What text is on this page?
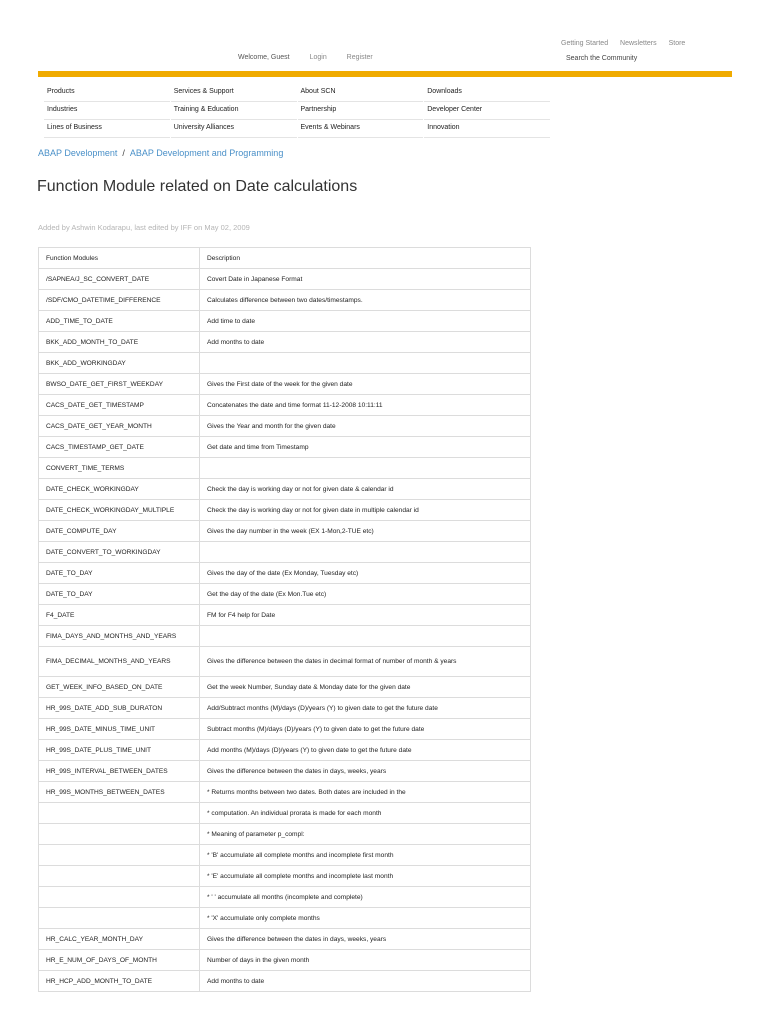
Getting Started Newsletters Store
Welcome, Guest	Login	Register	Search the Community
Products	Services & Support	About SCN	Downloads
Industries	Training & Education	Partnership	Developer Center
Lines of Business	University Alliances	Events & Webinars	Innovation
ABAP Development / ABAP Development and Programming
Function Module related on Date calculations
Added by Ashwin Kodarapu, last edited by IFF on May 02, 2009
Function Modules	Description
/SAPNEA/J_SC_CONVERT_DATE	Covert Date in Japanese Format
/SDF/CMO_DATETIME_DIFFERENCE	Calculates difference between two dates/timestamps.
ADD_TIME_TO_DATE	Add time to date
BKK_ADD_MONTH_TO_DATE	Add months to date
BKK_ADD_WORKINGDAY	
BWSO_DATE_GET_FIRST_WEEKDAY	Gives the First date of the week for the given date
CACS_DATE_GET_TIMESTAMP	Concatenates the date and time format 11-12-2008 10:11:11
CACS_DATE_GET_YEAR_MONTH	Gives the Year and month for the given date
CACS_TIMESTAMP_GET_DATE	Get date and time from Timestamp
CONVERT_TIME_TERMS	
DATE_CHECK_WORKINGDAY	Check the day is working day or not for given date & calendar id
DATE_CHECK_WORKINGDAY_MULTIPLE	Check the day is working day or not for given date in multiple calendar id
DATE_COMPUTE_DAY	Gives the day number in the week (EX 1-Mon,2-TUE etc)
DATE_CONVERT_TO_WORKINGDAY	
DATE_TO_DAY	Gives the day of the date (Ex Monday, Tuesday etc)
DATE_TO_DAY	Get the day of the date (Ex Mon.Tue etc)
F4_DATE	FM for F4 help for Date
FIMA_DAYS_AND_MONTHS_AND_YEARS	
FIMA_DECIMAL_MONTHS_AND_YEARS	Gives the difference between the dates in decimal format of number of month & years
GET_WEEK_INFO_BASED_ON_DATE	Get the week Number, Sunday date & Monday date for the given date
HR_99S_DATE_ADD_SUB_DURATON	Add/Subtract months (M)/days (D)/years (Y) to given date to get the future date
HR_99S_DATE_MINUS_TIME_UNIT	Subtract months (M)/days (D)/years (Y) to given date to get the future date
HR_99S_DATE_PLUS_TIME_UNIT	Add months (M)/days (D)/years (Y) to given date to get the future date
HR_99S_INTERVAL_BETWEEN_DATES	Gives the difference between the dates in days, weeks, years
HR_99S_MONTHS_BETWEEN_DATES	* Returns months between two dates. Both dates are included in the
	* computation. An individual prorata is made for each month
	* Meaning of parameter p_compl:
	* 'B' accumulate all complete months and incomplete first month
	* 'E' accumulate all complete months and incomplete last month
	* ' ' accumulate all months (incomplete and complete)
	* 'X' accumulate only complete months
HR_CALC_YEAR_MONTH_DAY	Gives the difference between the dates in days, weeks, years
HR_E_NUM_OF_DAYS_OF_MONTH	Number of days in the given month
HR_HCP_ADD_MONTH_TO_DATE	Add months to date
